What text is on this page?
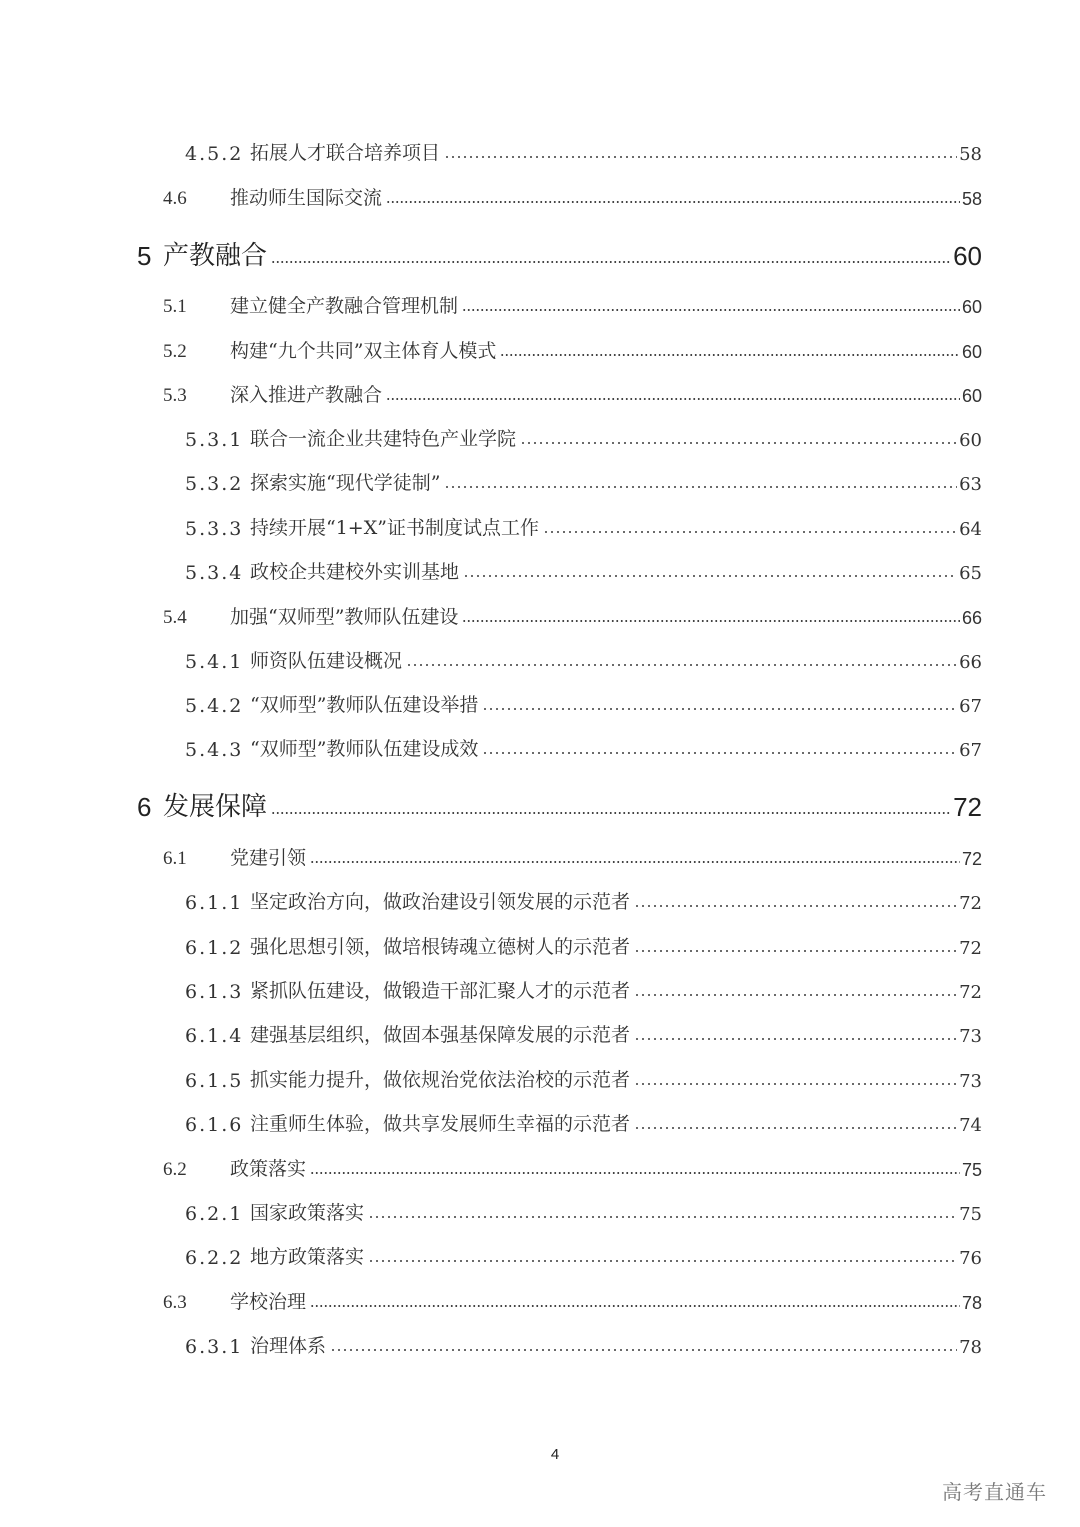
4.5.2 拓展人才联合培养项目	58
4.6 推动师生国际交流	58
5 产教融合	60
5.1 建立健全产教融合管理机制	60
5.2 构建“九个共同”双主体育人模式	60
5.3 深入推进产教融合	60
5.3.1 联合一流企业共建特色产业学院	60
5.3.2 探索实施“现代学徒制”	63
5.3.3 持续开展“1+X”证书制度试点工作	64
5.3.4 政校企共建校外实训基地	65
5.4 加强“双师型”教师队伍建设	66
5.4.1 师资队伍建设概况	66
5.4.2 “双师型”教师队伍建设举措	67
5.4.3 “双师型”教师队伍建设成效	67
6 发展保障	72
6.1 党建引领	72
6.1.1 坚定政治方向，做政治建设引领发展的示范者	72
6.1.2 强化思想引领，做培根铸魂立德树人的示范者	72
6.1.3 紧抓队伍建设，做锻造干部汇聚人才的示范者	72
6.1.4 建强基层组织，做固本强基保障发展的示范者	73
6.1.5 抓实能力提升，做依规治党依法治校的示范者	73
6.1.6 注重师生体验，做共享发展师生幸福的示范者	74
6.2 政策落实	75
6.2.1 国家政策落实	75
6.2.2 地方政策落实	76
6.3 学校治理	78
6.3.1 治理体系	78
4
高考直通车
